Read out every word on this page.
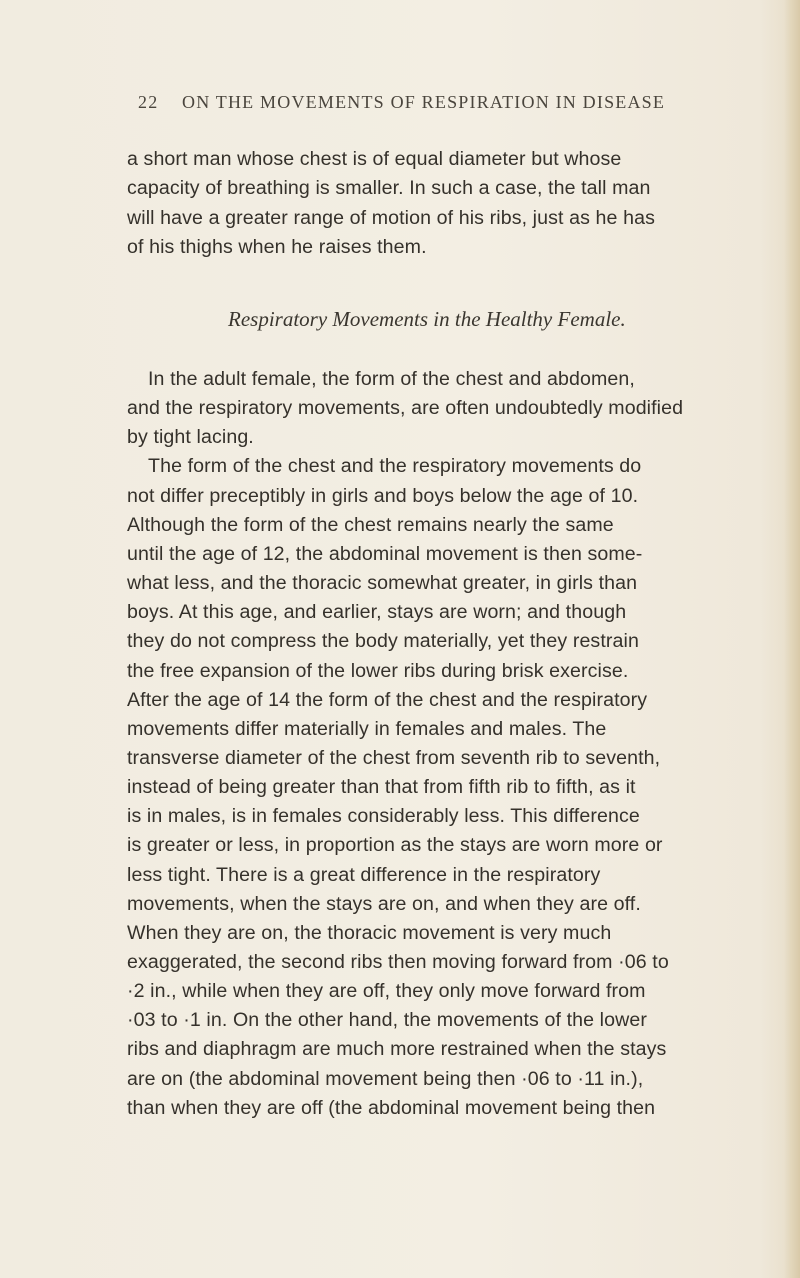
22 ON THE MOVEMENTS OF RESPIRATION IN DISEASE
a short man whose chest is of equal diameter but whose
capacity of breathing is smaller. In such a case, the tall man
will have a greater range of motion of his ribs, just as he has
of his thighs when he raises them.
Respiratory Movements in the Healthy Female.
In the adult female, the form of the chest and abdomen,
and the respiratory movements, are often undoubtedly modified
by tight lacing.
The form of the chest and the respiratory movements do
not differ preceptibly in girls and boys below the age of 10.
Although the form of the chest remains nearly the same
until the age of 12, the abdominal movement is then some-
what less, and the thoracic somewhat greater, in girls than
boys. At this age, and earlier, stays are worn; and though
they do not compress the body materially, yet they restrain
the free expansion of the lower ribs during brisk exercise.
After the age of 14 the form of the chest and the respiratory
movements differ materially in females and males. The
transverse diameter of the chest from seventh rib to seventh,
instead of being greater than that from fifth rib to fifth, as it
is in males, is in females considerably less. This difference
is greater or less, in proportion as the stays are worn more or
less tight. There is a great difference in the respiratory
movements, when the stays are on, and when they are off.
When they are on, the thoracic movement is very much
exaggerated, the second ribs then moving forward from ·06 to
·2 in., while when they are off, they only move forward from
·03 to ·1 in. On the other hand, the movements of the lower
ribs and diaphragm are much more restrained when the stays
are on (the abdominal movement being then ·06 to ·11 in.),
than when they are off (the abdominal movement being then
